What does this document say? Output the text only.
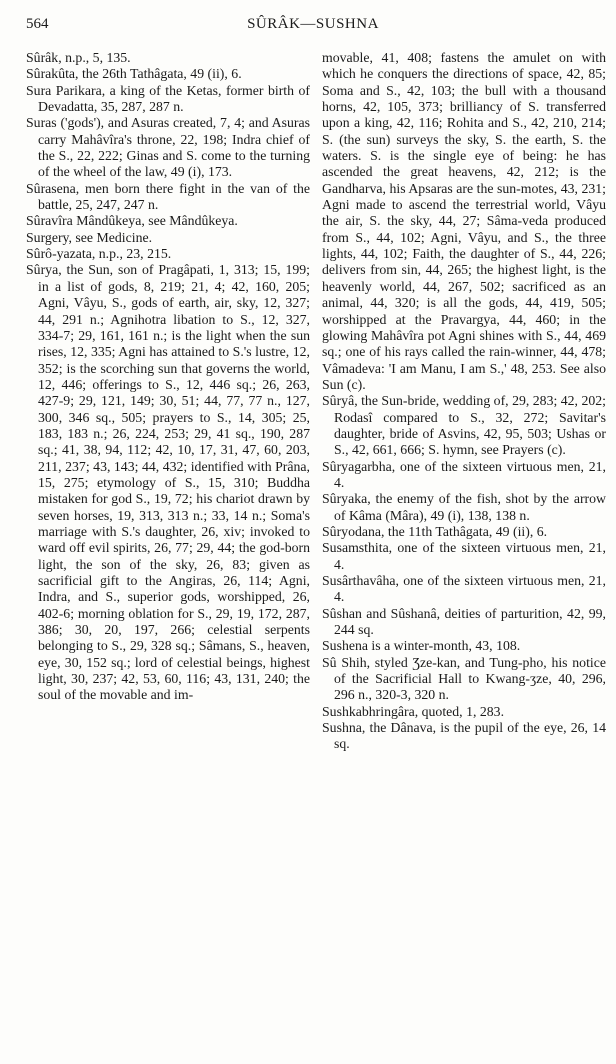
564	SÛRÂK—SUSHNA

Sûrâk, n.p., 5, 135.

Sûrakûta, the 26th Tathâgata, 49 (ii), 6.

Sura Parikara, a king of the Ketas, former birth of Devadatta, 35, 287, 287 n.

Suras ('gods'), and Asuras created, 7, 4; and Asuras carry Mahâvîra's throne, 22, 198; Indra chief of the S., 22, 222; Ginas and S. come to the turning of the wheel of the law, 49 (i), 173.

Sûrasena, men born there fight in the van of the battle, 25, 247, 247 n.

Sûravîra Mândûkeya, see Mândûkeya.

Surgery, see Medicine.

Sûrô-yazata, n.p., 23, 215.

Sûrya, the Sun, son of Pragâpati, 1, 313; 15, 199; in a list of gods, 8, 219; 21, 4; 42, 160, 205; Agni, Vâyu, S., gods of earth, air, sky, 12, 327; 44, 291 n.; Agnihotra libation to S., 12, 327, 334-7; 29, 161, 161 n.; is the light when the sun rises, 12, 335; Agni has attained to S.'s lustre, 12, 352; is the scorching sun that governs the world, 12, 446; offerings to S., 12, 446 sq.; 26, 263, 427-9; 29, 121, 149; 30, 51; 44, 77, 77 n., 127, 300, 346 sq., 505; prayers to S., 14, 305; 25, 183, 183 n.; 26, 224, 253; 29, 41 sq., 190, 287 sq.; 41, 38, 94, 112; 42, 10, 17, 31, 47, 60, 203, 211, 237; 43, 143; 44, 432; identified with Prâna, 15, 275; etymology of S., 15, 310; Buddha mistaken for god S., 19, 72; his chariot drawn by seven horses, 19, 313, 313 n.; 33, 14 n.; Soma's marriage with S.'s daughter, 26, xiv; invoked to ward off evil spirits, 26, 77; 29, 44; the god-born light, the son of the sky, 26, 83; given as sacrificial gift to the Angiras, 26, 114; Agni, Indra, and S., superior gods, worshipped, 26, 402-6; morning oblation for S., 29, 19, 172, 287, 386; 30, 20, 197, 266; celestial serpents belonging to S., 29, 328 sq.; Sâmans, S., heaven, eye, 30, 152 sq.; lord of celestial beings, highest light, 30, 237; 42, 53, 60, 116; 43, 131, 240; the soul of the movable and im-

movable, 41, 408; fastens the amulet on with which he conquers the directions of space, 42, 85; Soma and S., 42, 103; the bull with a thousand horns, 42, 105, 373; brilliancy of S. transferred upon a king, 42, 116; Rohita and S., 42, 210, 214; S. (the sun) surveys the sky, S. the earth, S. the waters. S. is the single eye of being: he has ascended the great heavens, 42, 212; is the Gandharva, his Apsaras are the sun-motes, 43, 231; Agni made to ascend the terrestrial world, Vâyu the air, S. the sky, 44, 27; Sâma-veda produced from S., 44, 102; Agni, Vâyu, and S., the three lights, 44, 102; Faith, the daughter of S., 44, 226; delivers from sin, 44, 265; the highest light, is the heavenly world, 44, 267, 502; sacrificed as an animal, 44, 320; is all the gods, 44, 419, 505; worshipped at the Pravargya, 44, 460; in the glowing Mahâvîra pot Agni shines with S., 44, 469 sq.; one of his rays called the rain-winner, 44, 478; Vâmadeva: 'I am Manu, I am S.,' 48, 253. See also Sun (c).

Sûryâ, the Sun-bride, wedding of, 29, 283; 42, 202; Rodasî compared to S., 32, 272; Savitar's daughter, bride of Asvins, 42, 95, 503; Ushas or S., 42, 661, 666; S. hymn, see Prayers (c).

Sûryagarbha, one of the sixteen virtuous men, 21, 4.

Sûryaka, the enemy of the fish, shot by the arrow of Kâma (Mâra), 49 (i), 138, 138 n.

Sûryodana, the 11th Tathâgata, 49 (ii), 6.

Susamsthita, one of the sixteen virtuous men, 21, 4.

Susârthavâha, one of the sixteen virtuous men, 21, 4.

Sûshan and Sûshanâ, deities of parturition, 42, 99, 244 sq.

Sushena is a winter-month, 43, 108.

Sû Shih, styled Ʒze-kan, and Tung-pho, his notice of the Sacrificial Hall to Kwang-ʒze, 40, 296, 296 n., 320-3, 320 n.

Sushkabhringâra, quoted, 1, 283.

Sushna, the Dânava, is the pupil of the eye, 26, 14 sq.
